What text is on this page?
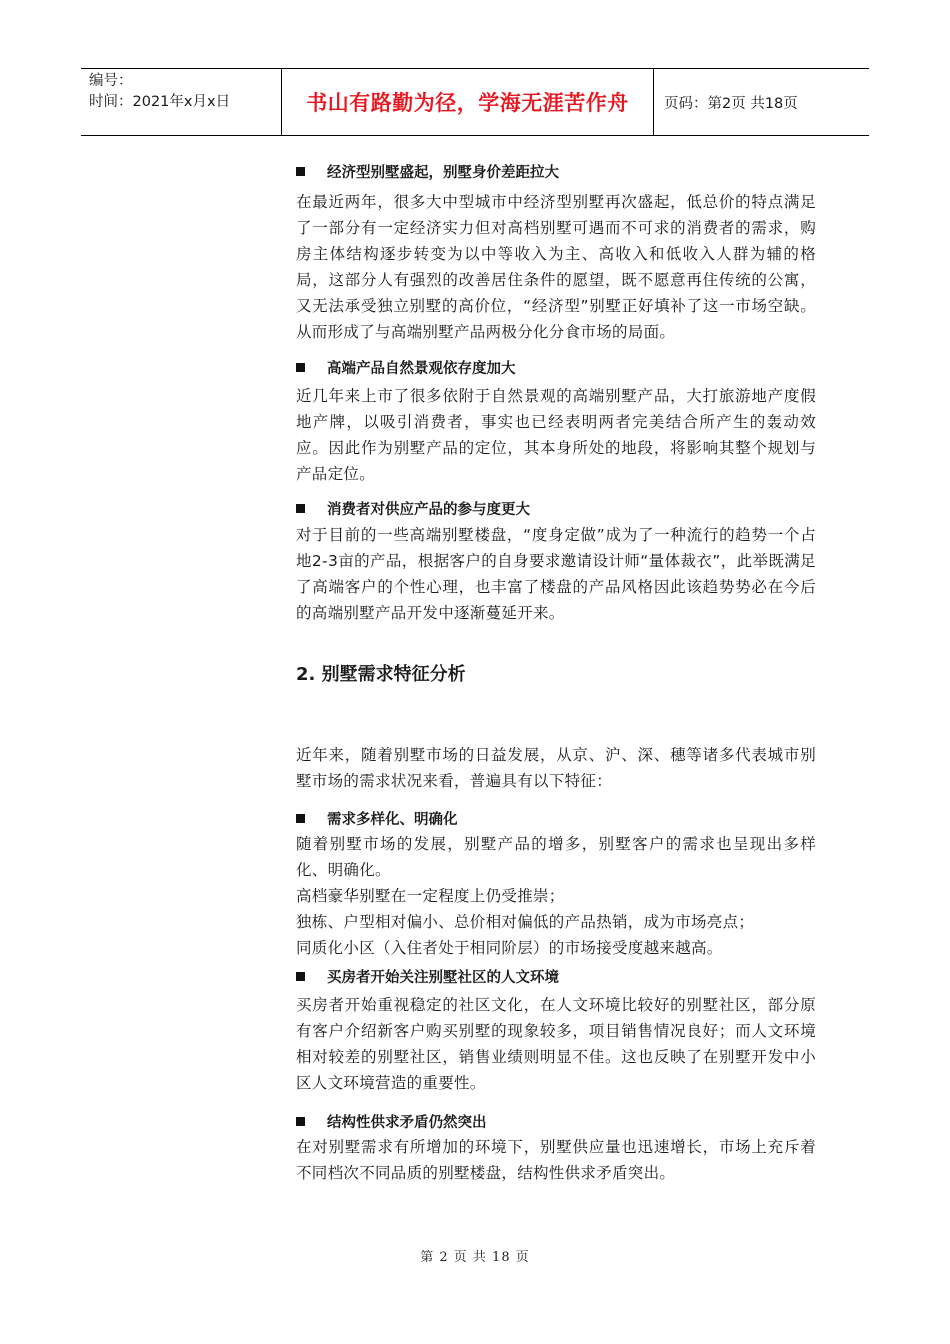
编号：
时间：2021年x月x日	书山有路勤为径，学海无涯苦作舟	页码：第2页 共18页
经济型别墅盛起，别墅身价差距拉大

在最近两年，很多大中型城市中经济型别墅再次盛起，低总价的特点满足了一部分有一定经济实力但对高档别墅可遇而不可求的消费者的需求，购房主体结构逐步转变为以中等收入为主、高收入和低收入人群为辅的格局，这部分人有强烈的改善居住条件的愿望，既不愿意再住传统的公寓，又无法承受独立别墅的高价位，“经济型”别墅正好填补了这一市场空缺。从而形成了与高端别墅产品两极分化分食市场的局面。

高端产品自然景观依存度加大

近几年来上市了很多依附于自然景观的高端别墅产品，大打旅游地产度假地产牌，以吸引消费者，事实也已经表明两者完美结合所产生的轰动效应。因此作为别墅产品的定位，其本身所处的地段，将影响其整个规划与产品定位。

消费者对供应产品的参与度更大

对于目前的一些高端别墅楼盘，“度身定做”成为了一种流行的趋势一个占地2-3亩的产品，根据客户的自身要求邀请设计师“量体裁衣”，此举既满足了高端客户的个性心理，也丰富了楼盘的产品风格因此该趋势势必在今后的高端别墅产品开发中逐渐蔓延开来。

2. 别墅需求特征分析

近年来，随着别墅市场的日益发展，从京、沪、深、穗等诸多代表城市别墅市场的需求状况来看，普遍具有以下特征：

需求多样化、明确化

随着别墅市场的发展，别墅产品的增多，别墅客户的需求也呈现出多样化、明确化。

高档豪华别墅在一定程度上仍受推崇；
独栋、户型相对偏小、总价相对偏低的产品热销，成为市场亮点；
同质化小区（入住者处于相同阶层）的市场接受度越来越高。
买房者开始关注别墅社区的人文环境

买房者开始重视稳定的社区文化，在人文环境比较好的别墅社区，部分原有客户介绍新客户购买别墅的现象较多，项目销售情况良好；而人文环境相对较差的别墅社区，销售业绩则明显不佳。这也反映了在别墅开发中小区人文环境营造的重要性。

结构性供求矛盾仍然突出

在对别墅需求有所增加的环境下，别墅供应量也迅速增长，市场上充斥着不同档次不同品质的别墅楼盘，结构性供求矛盾突出。

第 2 页 共 18 页
